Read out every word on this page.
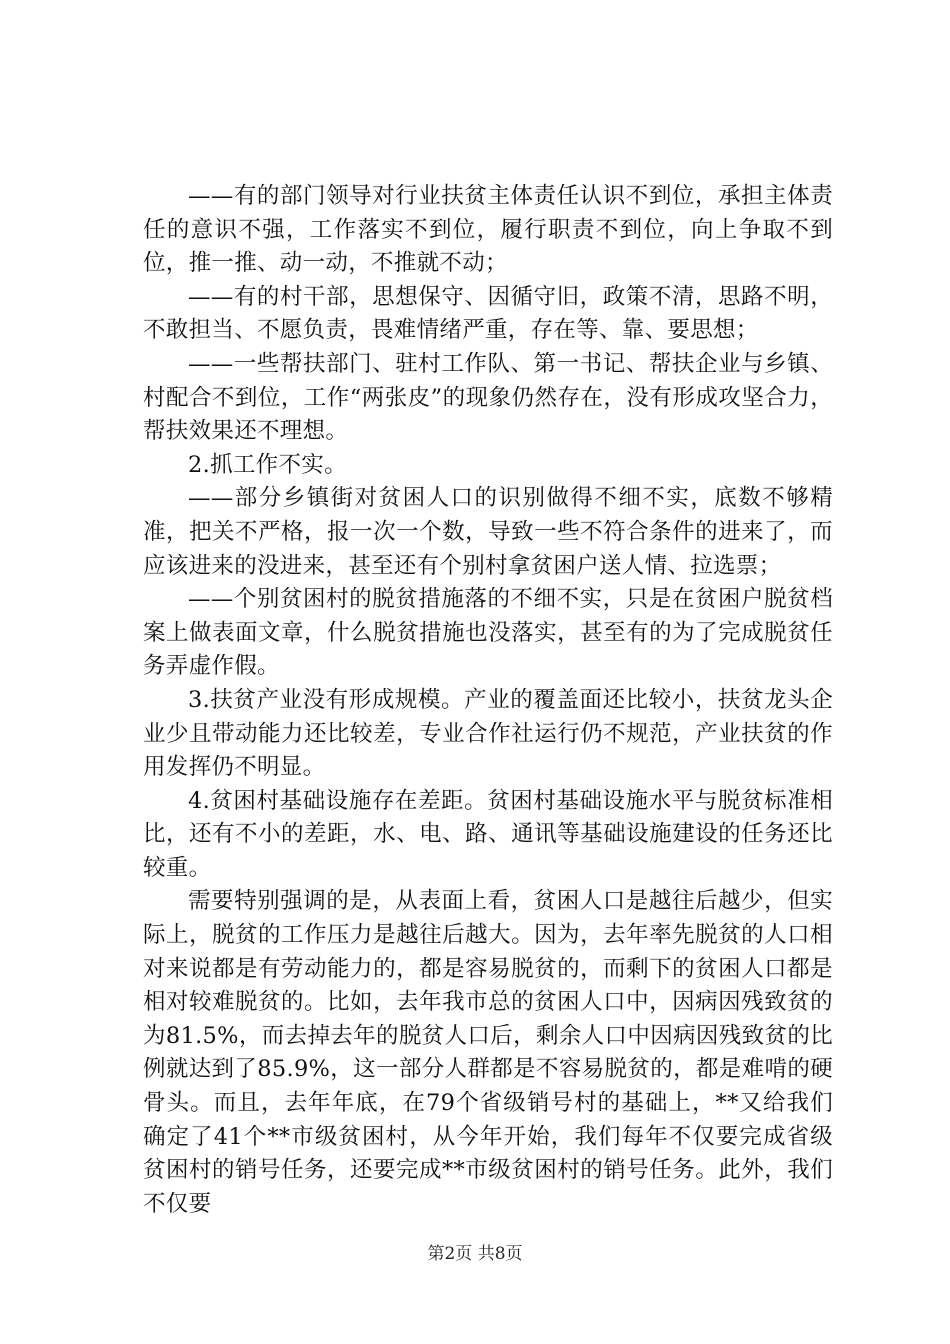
——有的部门领导对行业扶贫主体责任认识不到位，承担主体责任的意识不强，工作落实不到位，履行职责不到位，向上争取不到位，推一推、动一动，不推就不动；

——有的村干部，思想保守、因循守旧，政策不清，思路不明，不敢担当、不愿负责，畏难情绪严重，存在等、靠、要思想；

——一些帮扶部门、驻村工作队、第一书记、帮扶企业与乡镇、村配合不到位，工作“两张皮”的现象仍然存在，没有形成攻坚合力，帮扶效果还不理想。

2.抓工作不实。

——部分乡镇街对贫困人口的识别做得不细不实，底数不够精准，把关不严格，报一次一个数，导致一些不符合条件的进来了，而应该进来的没进来，甚至还有个别村拿贫困户送人情、拉选票；

——个别贫困村的脱贫措施落的不细不实，只是在贫困户脱贫档案上做表面文章，什么脱贫措施也没落实，甚至有的为了完成脱贫任务弄虚作假。

3.扶贫产业没有形成规模。产业的覆盖面还比较小，扶贫龙头企业少且带动能力还比较差，专业合作社运行仍不规范，产业扶贫的作用发挥仍不明显。

4.贫困村基础设施存在差距。贫困村基础设施水平与脱贫标准相比，还有不小的差距，水、电、路、通讯等基础设施建设的任务还比较重。

需要特别强调的是，从表面上看，贫困人口是越往后越少，但实际上，脱贫的工作压力是越往后越大。因为，去年率先脱贫的人口相对来说都是有劳动能力的，都是容易脱贫的，而剩下的贫困人口都是相对较难脱贫的。比如，去年我市总的贫困人口中，因病因残致贫的为81.5%，而去掉去年的脱贫人口后，剩余人口中因病因残致贫的比例就达到了85.9%，这一部分人群都是不容易脱贫的，都是难啃的硬骨头。而且，去年年底，在79个省级销号村的基础上，**又给我们确定了41个**市级贫困村，从今年开始，我们每年不仅要完成省级贫困村的销号任务，还要完成**市级贫困村的销号任务。此外，我们不仅要

第2页 共8页
